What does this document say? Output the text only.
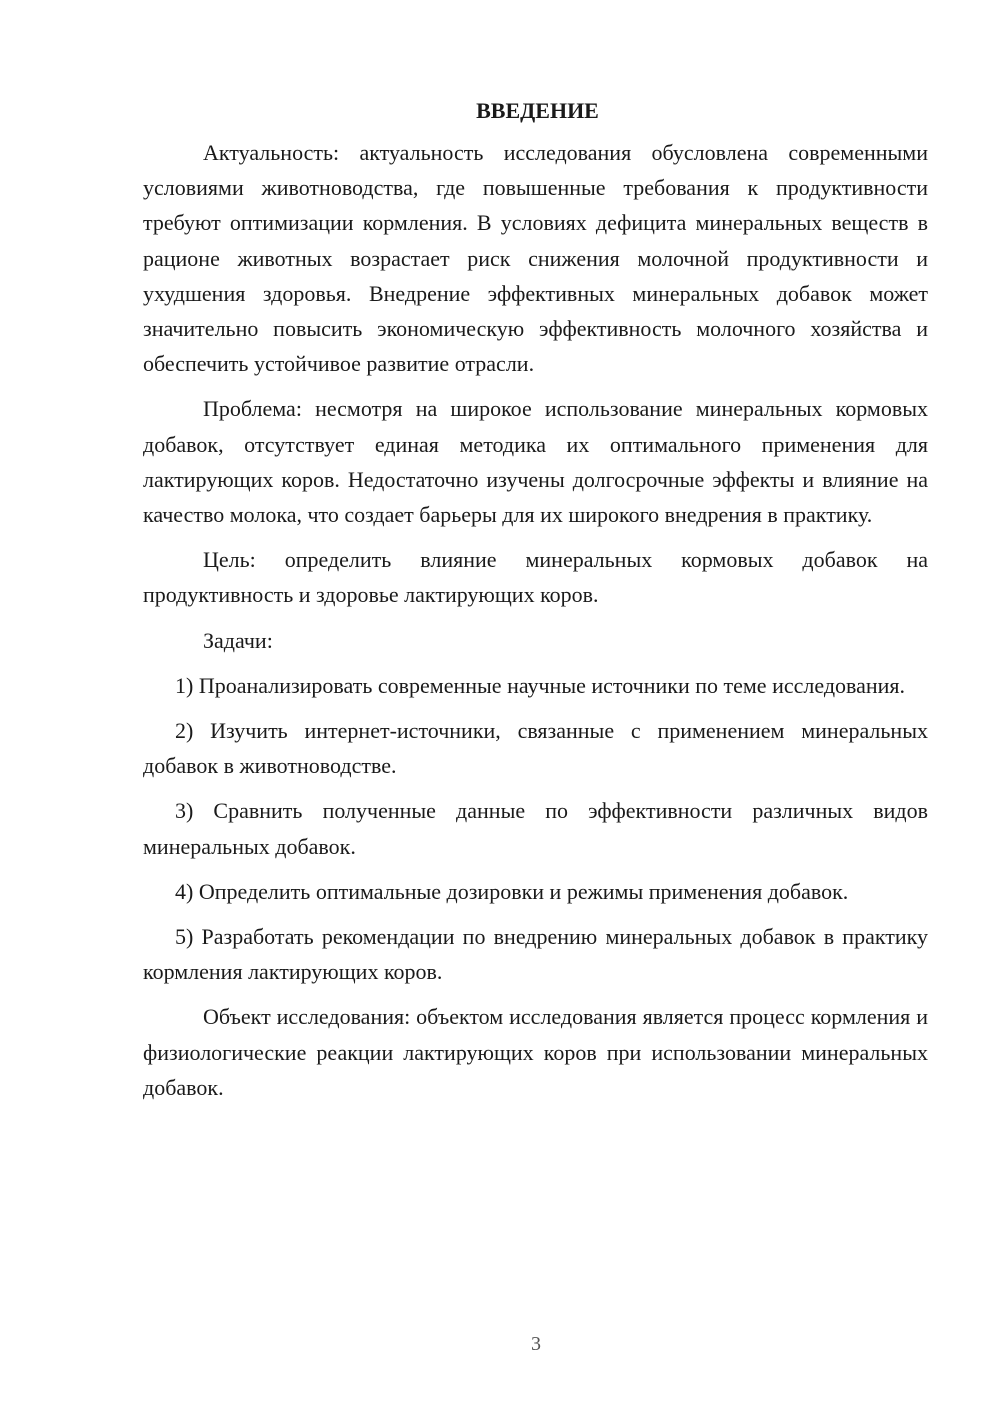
ВВЕДЕНИЕ

Актуальность: актуальность исследования обусловлена современными условиями животноводства, где повышенные требования к продуктивности требуют оптимизации кормления. В условиях дефицита минеральных веществ в рационе животных возрастает риск снижения молочной продуктивности и ухудшения здоровья. Внедрение эффективных минеральных добавок может значительно повысить экономическую эффективность молочного хозяйства и обеспечить устойчивое развитие отрасли.

Проблема: несмотря на широкое использование минеральных кормовых добавок, отсутствует единая методика их оптимального применения для лактирующих коров. Недостаточно изучены долгосрочные эффекты и влияние на качество молока, что создает барьеры для их широкого внедрения в практику.

Цель: определить влияние минеральных кормовых добавок на продуктивность и здоровье лактирующих коров.

Задачи:

1) Проанализировать современные научные источники по теме исследования.

2) Изучить интернет-источники, связанные с применением минеральных добавок в животноводстве.

3) Сравнить полученные данные по эффективности различных видов минеральных добавок.

4) Определить оптимальные дозировки и режимы применения добавок.

5) Разработать рекомендации по внедрению минеральных добавок в практику кормления лактирующих коров.

Объект исследования: объектом исследования является процесс кормления и физиологические реакции лактирующих коров при использовании минеральных добавок.

3
